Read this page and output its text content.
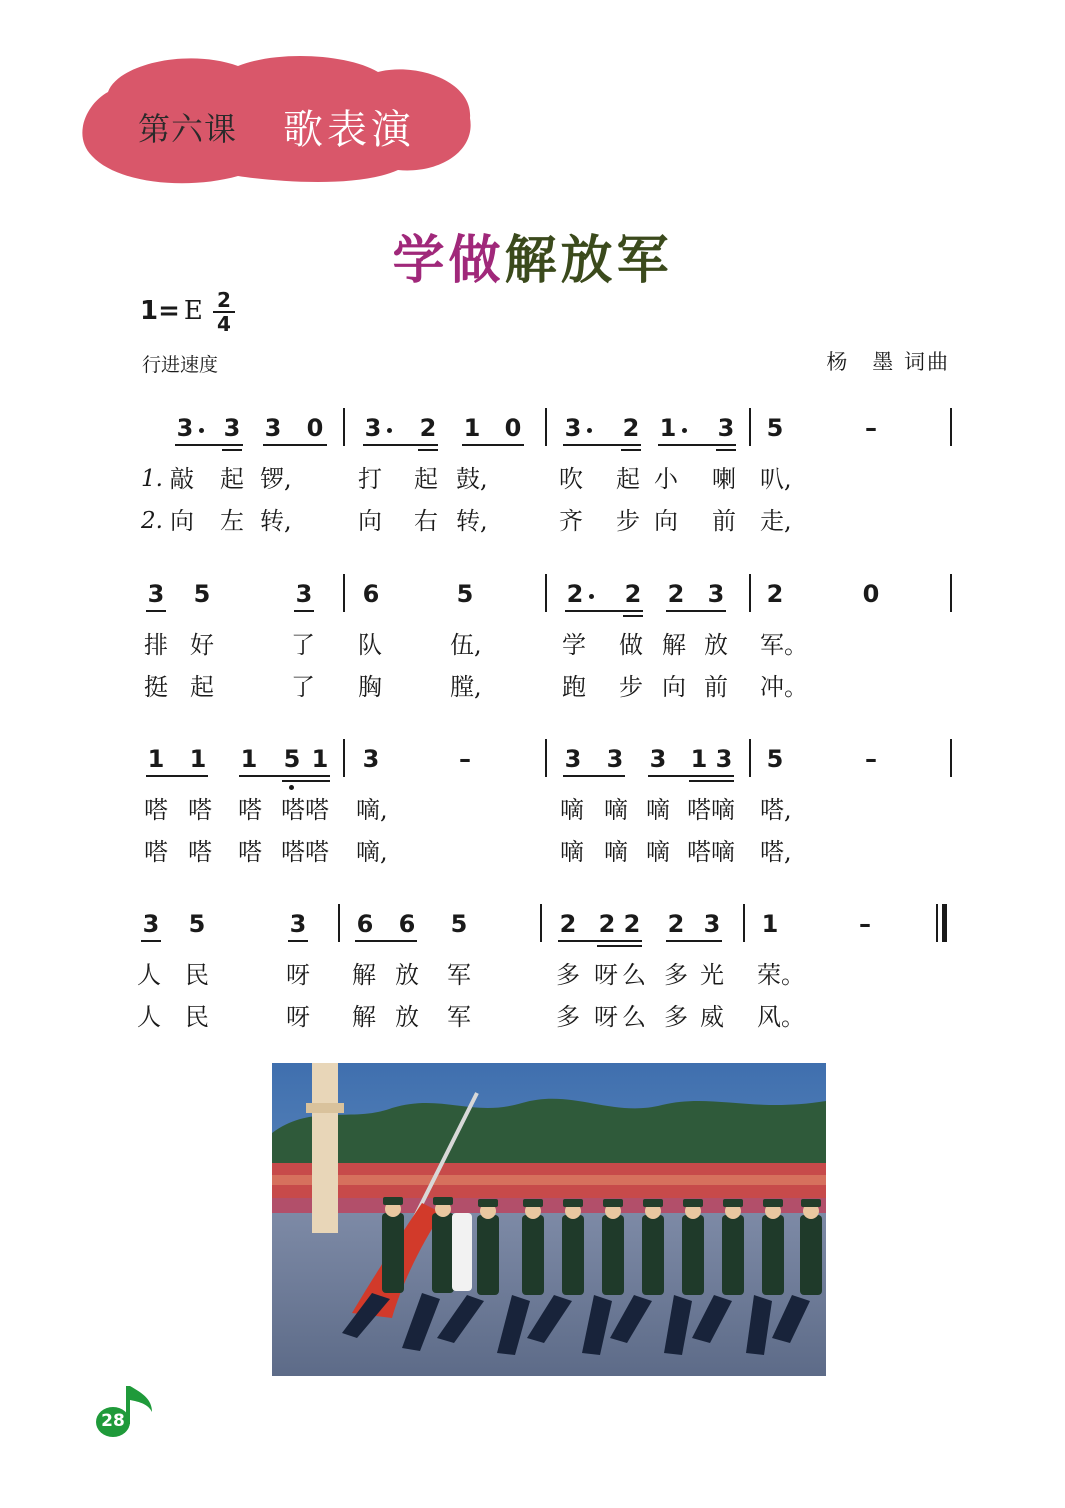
第六课 歌表演
学做解放军
1= E 2
4
行进速度	杨　墨 词曲
3 3 3 0 3 2 1 0 3 2 1 3 5	–
1. 敲 起 锣,	打 起 鼓,	吹 起 小 喇 叭,
2. 向 左 转,	向 右 转,	齐 步 向 前 走,
3 5	3 6	5	2 2 2 3 2	0
排 好	了 队	伍,	学 做 解 放 军。
挺 起	了 胸	膛,	跑 步 向 前 冲。
1 1 1 5 1 3	–	3 3 3 1 3 5	–
嗒 嗒 嗒 嗒嗒 嘀,	嘀 嘀 嘀 嗒嘀 嗒,
嗒 嗒 嗒 嗒嗒 嘀,	嘀 嘀 嘀 嗒嘀 嗒,
3 5	3 6 6 5	2 2 2 2 3 1	–
人 民	呀 解 放 军	多 呀 么 多 光 荣。
人 民	呀 解 放 军	多 呀 么 多 威 风。
28
